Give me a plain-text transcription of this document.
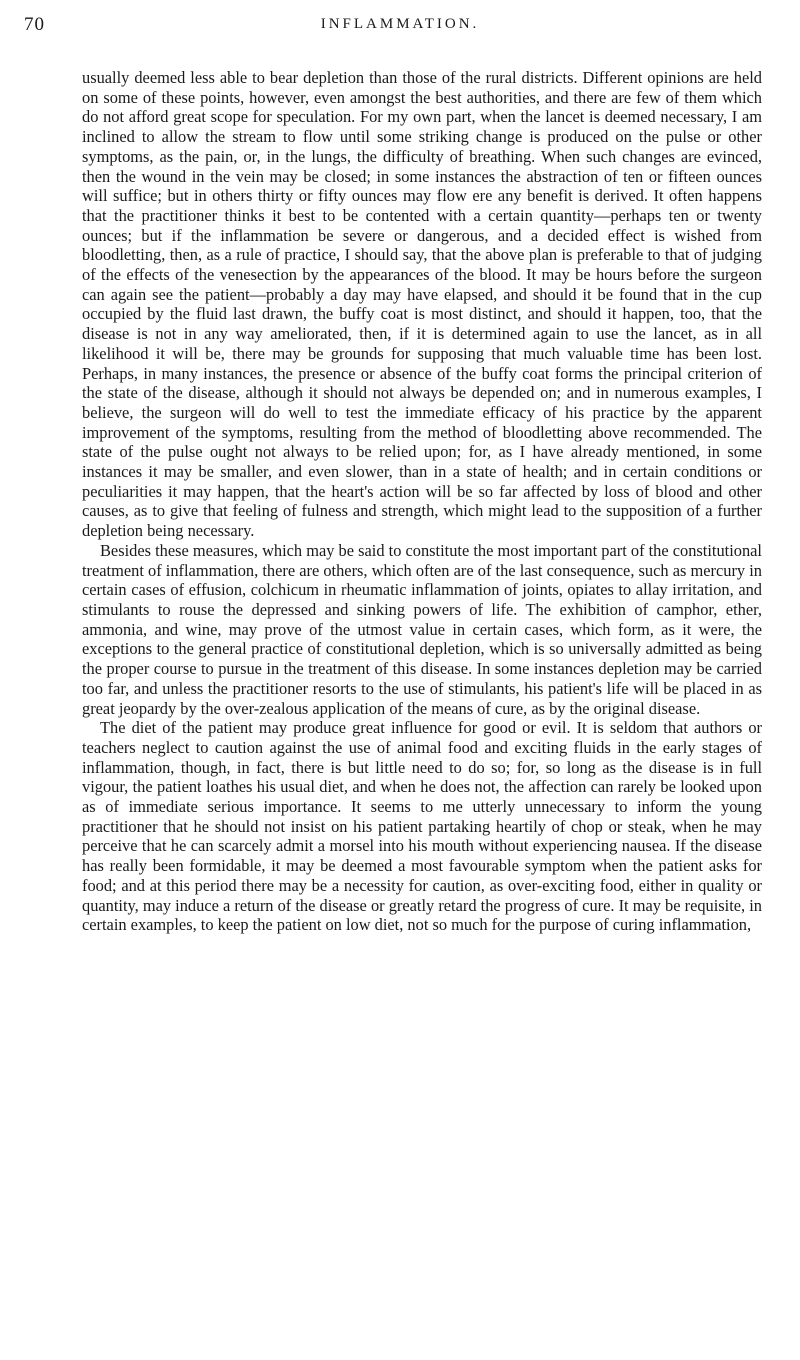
70	INFLAMMATION.

usually deemed less able to bear depletion than those of the rural districts. Different opinions are held on some of these points, however, even amongst the best authorities, and there are few of them which do not afford great scope for speculation. For my own part, when the lancet is deemed necessary, I am inclined to allow the stream to flow until some striking change is produced on the pulse or other symptoms, as the pain, or, in the lungs, the difficulty of breathing. When such changes are evinced, then the wound in the vein may be closed; in some instances the abstraction of ten or fifteen ounces will suffice; but in others thirty or fifty ounces may flow ere any benefit is derived. It often happens that the practitioner thinks it best to be contented with a certain quantity—perhaps ten or twenty ounces; but if the inflammation be severe or dangerous, and a decided effect is wished from bloodletting, then, as a rule of practice, I should say, that the above plan is preferable to that of judging of the effects of the venesection by the appearances of the blood. It may be hours before the surgeon can again see the patient—probably a day may have elapsed, and should it be found that in the cup occupied by the fluid last drawn, the buffy coat is most distinct, and should it happen, too, that the disease is not in any way ameliorated, then, if it is determined again to use the lancet, as in all likelihood it will be, there may be grounds for supposing that much valuable time has been lost. Perhaps, in many instances, the presence or absence of the buffy coat forms the principal criterion of the state of the disease, although it should not always be depended on; and in numerous examples, I believe, the surgeon will do well to test the immediate efficacy of his practice by the apparent improvement of the symptoms, resulting from the method of bloodletting above recommended. The state of the pulse ought not always to be relied upon; for, as I have already mentioned, in some instances it may be smaller, and even slower, than in a state of health; and in certain conditions or peculiarities it may happen, that the heart's action will be so far affected by loss of blood and other causes, as to give that feeling of fulness and strength, which might lead to the supposition of a further depletion being necessary.

Besides these measures, which may be said to constitute the most important part of the constitutional treatment of inflammation, there are others, which often are of the last consequence, such as mercury in certain cases of effusion, colchicum in rheumatic inflammation of joints, opiates to allay irritation, and stimulants to rouse the depressed and sinking powers of life. The exhibition of camphor, ether, ammonia, and wine, may prove of the utmost value in certain cases, which form, as it were, the exceptions to the general practice of constitutional depletion, which is so universally admitted as being the proper course to pursue in the treatment of this disease. In some instances depletion may be carried too far, and unless the practitioner resorts to the use of stimulants, his patient's life will be placed in as great jeopardy by the over-zealous application of the means of cure, as by the original disease.

The diet of the patient may produce great influence for good or evil. It is seldom that authors or teachers neglect to caution against the use of animal food and exciting fluids in the early stages of inflammation, though, in fact, there is but little need to do so; for, so long as the disease is in full vigour, the patient loathes his usual diet, and when he does not, the affection can rarely be looked upon as of immediate serious importance. It seems to me utterly unnecessary to inform the young practitioner that he should not insist on his patient partaking heartily of chop or steak, when he may perceive that he can scarcely admit a morsel into his mouth without experiencing nausea. If the disease has really been formidable, it may be deemed a most favourable symptom when the patient asks for food; and at this period there may be a necessity for caution, as over-exciting food, either in quality or quantity, may induce a return of the disease or greatly retard the progress of cure. It may be requisite, in certain examples, to keep the patient on low diet, not so much for the purpose of curing inflammation,
